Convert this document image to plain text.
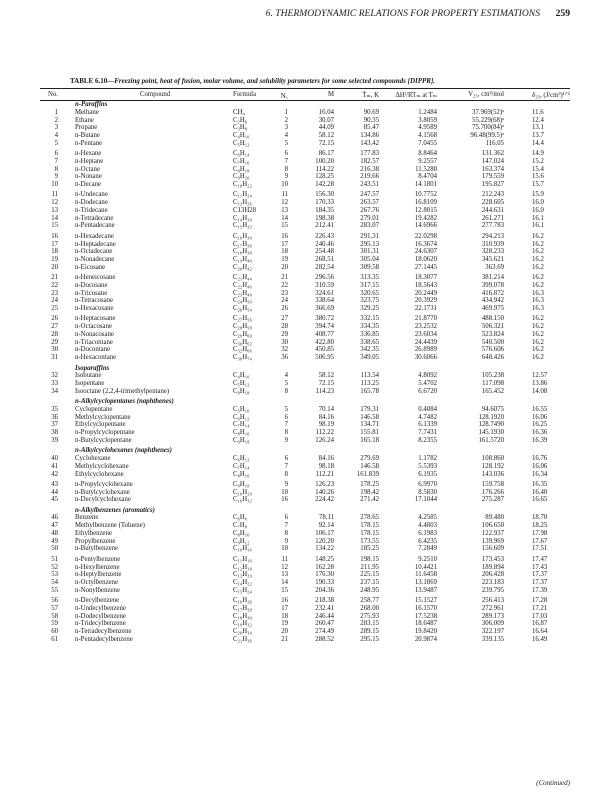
6. THERMODYNAMIC RELATIONS FOR PROPERTY ESTIMATIONS 259
TABLE 6.10—Freezing point, heat of fusion, molar volume, and solubility parameters for some selected compounds [DIPPR].
No.	Compound	Formula	N꜀	M	T̄ₘ, K	ΔHᶠ/RTₘ at Tₘ	V₂₅, cm³/mol	δ₂₅, (J/cm³)¹ᐟ²
n-Paraffins
1	Methane	CH₄	1	16.04	90.69	1.2484	37.969(52)ᵃ	11.6
2	Ethane	C₂H₆	2	30.07	90.35	3.8059	55.229(68)ᵃ	12.4
3	Propane	C₃H₈	3	44.09	85.47	4.9589	75.700(84)ᵃ	13.1
4	n-Butane	C₄H₁₀	4	58.12	134.86	4.1568	96.48(99.5)ᵃ	13.7
5	n-Pentane	C₅H₁₂	5	72.15	143.42	7.0455	116.05	14.4
6	n-Hexane	C₆H₁₄	6	86.17	177.83	8.8464	131.362	14.9
7	n-Heptane	C₇H₁₆	7	100.20	182.57	9.2557	147.024	15.2
8	n-Octane	C₈H₁₈	8	114.22	216.38	11.5280	163.374	15.4
9	n-Nonane	C₉H₂₀	9	128.25	219.66	8.4704	179.559	15.6
10	n-Decane	C₁₀H₂₂	10	142.28	243.51	14.1801	195.827	15.7
11	n-Undecane	C₁₁H₂₄	11	156.30	247.57	10.7752	212.243	15.9
12	n-Dodecane	C₁₂H₂₆	12	170.33	263.57	16.8109	228.605	16.0
13	n-Tridecane	C13H28	13	184.35	267.76	12.8015	244.631	16.0
14	n-Tetradecane	C₁₄H₃₀	14	198.38	279.01	19.4282	261.271	16.1
15	n-Pentadecane	C₁₅H₃₂	15	212.41	283.07	14.6966	277.783	16.1
16	n-Hexadecane	C₁₆H₃₄	16	226.43	291.31	22.0298	294.213	16.2
17	n-Heptadecane	C₁₇H₃₆	17	240.46	295.13	16.3674	310.939	16.2
18	n-Octadecane	C₁₈H₃₈	18	254.48	301.31	24.6307	328.233	16.2
19	n-Nonadecane	C₁₉H₄₀	19	268.51	305.04	18.0620	345.621	16.2
20	n-Eicosane	C₂₀H₄₂	20	282.54	309.58	27.1445	363.69	16.2
21	n-Heneicosane	C₂₁H₄₄	21	296.56	313.35	18.3077	381.214	16.2
22	n-Docosane	C₂₂H₄₆	22	310.59	317.15	18.5643	399.078	16.2
23	n-Tricosane	C₂₃H₄₈	23	324.61	320.65	20.2449	416.872	16.3
24	n-Tetracosane	C₂₄H₅₀	24	338.64	323.75	20.3929	434.942	16.3
25	n-Hexacosane	C₂₆H₅₄	26	366.69	329.25	22.1731	469.975	16.3
26	n-Heptacosane	C₂₇H₅₆	27	380.72	332.15	21.8770	488.150	16.2
27	n-Octacosane	C₂₈H₅₈	28	394.74	334.35	23.2532	506.321	16.2
28	n-Nonacosane	C₂₉H₆₀	29	408.77	336.85	23.6034	523.824	16.2
29	n-Triacontane	C₃₀H₆₂	30	422.80	338.65	24.4439	540.500	16.2
30	n-Docontane	C₃₂H₆₆	32	450.85	342.35	26.8989	576.606	16.2
31	n-Hexacontane	C₃₆H₇₄	36	506.95	349.05	30.6066	648.426	16.2
Isoparaffins
32	Isobutane	C₄H₁₀	4	58.12	113.54	4.8092	105.238	12.57
33	Isopentane	C₅H₁₂	5	72.15	113.25	5.4702	117.098	13.86
34	Isooctane (2,2,4-trimethylpentane)	C₈H₁₈	8	114.23	165.78	6.6720	165.452	14.08
n-Alkylcyclopentanes (naphthenes)
35	Cyclopentane	C₅H₁₀	5	70.14	179.31	0.4084	94.6075	16.55
36	Methylcyclopentane	C₆H₁₂	6	84.16	146.58	4.7482	128.1920	16.06
37	Ethylcyclopentane	C₇H₁₄	7	98.19	134.71	6.1339	128.7490	16.25
38	n-Propylcyclopentane	C₈H₁₆	8	112.22	155.81	7.7431	145.1930	16.36
39	n-Butylcyclopentane	C₉H₁₈	9	126.24	165.18	8.2355	161.5720	16.39
n-Alkylcyclohexanes (naphthenes)
40	Cyclohexane	C₆H₁₂	6	84.16	279.69	1.1782	108.860	16.76
41	Methylcyclohexane	C₇H₁₄	7	98.18	146.58	5.5393	128.192	16.06
42	Ethylcyclohexane	C₈H₁₆	8	112.21	161.839	6.1935	143.036	16.34
43	n-Propylcyclohexane	C₉H₁₈	9	126.23	178.25	6.9970	159.758	16.35
44	n-Butylcyclohexane	C₁₀H₂₀	10	140.26	198.42	8.5830	176.266	16.40
45	n-Decylcyclohexane	C₁₆H₃₂	16	224.42	271.42	17.1044	275.287	16.65
n-Alkylbenzenes (aromatics)
46	Benzene	C₆H₆	6	78.11	278.65	4.2585	89.480	18.70
47	Methylbenzene (Toluene)	C₇H₈	7	92.14	178.15	4.4803	106.650	18.25
48	Ethylbenzene	C₈H₁₀	8	106.17	178.15	6.1983	122.937	17.98
49	Propylbenzene	C₉H₁₂	9	120.20	173.55	6.4235	139.969	17.67
50	n-Butylbenzene	C₁₀H₁₄	10	134.22	185.25	7.2849	156.609	17.51
51	n-Pentylbenzene	C₁₁H₁₆	11	148.25	198.15	9.2510	173.453	17.47
52	n-Hexylbenzene	C₁₂H₁₈	12	162.28	211.95	10.4421	189.894	17.43
53	n-Heptylbenzene	C₁₃H₂₀	13	176.30	225.15	11.6458	206.428	17.37
54	n-Octylbenzene	C₁₄H₂₂	14	190.33	237.15	13.1869	223.183	17.37
55	n-Nonylbenzene	C₁₅H₂₄	15	204.36	248.95	13.9487	239.795	17.39
56	n-Decylbenzene	C₁₆H₂₆	16	218.38	258.77	15.1527	256.413	17.28
57	n-Undecylbenzene	C₁₇H₂₈	17	232.41	268.00	16.1570	272.961	17.21
58	n-Dodecylbenzene	C₁₈H₃₀	18	246.44	275.93	17.5238	289.173	17.03
59	n-Tridecylbenzene	C₁₉H₃₂	19	260.47	283.15	18.6487	306.009	16.87
60	n-Tetradecylbenzene	C₂₀H₃₄	20	274.49	289.15	19.8420	322.197	16.64
61	n-Pentadecylbenzene	C₂₁H₃₆	21	288.52	295.15	20.9874	339.135	16.49
(Continued)
